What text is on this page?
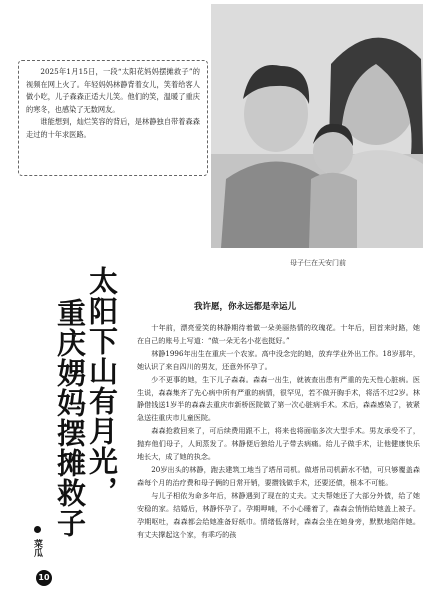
2025年1月15日，一段“太阳花妈妈摆摊救子”的视频在网上火了。年轻妈妈林静背着女儿，笑着给客人做小吃，儿子森森正适大儿笑。他们的笑，温暖了重庆的寒冬，也感染了无数网友。

谁能想到，灿烂笑容的背后，是林静独自带着森森走过的十年求医路。

母子仨在天安门前
太阳下山有月光，
重庆娚妈摆摊救子
菜瓜
我许愿，你永远都是幸运儿

十年前，漂亮爱笑的林静期待着做一朵美丽热情的玫瑰花。十年后，回首来时路，她在自己的账号上写道：“做一朵无名小花也挺好。”

林静1996年出生在重庆一个农家。高中没念完的她，放弃学业外出工作。18岁那年，她认识了来自四川的男友，还意外怀孕了。

少不更事的她，生下儿子森森。森森一出生，就被查出患有严重的先天性心脏病。医生说，森森集齐了先心病中所有严重的病情，很罕见，若不做开胸手术，将活不过2岁。林静借钱送1岁半的森森去重庆市新桥医院做了第一次心脏病手术。术后，森森感染了，被紧急送往重庆市儿童医院。

森森抢救回来了，可后续费用跟不上，将来也将面临多次大型手术。男友承受不了，抛弃他们母子，人间蒸发了。林静便后独给儿子带去病痛。给儿子做手术，让他健康快乐地长大，成了她的执念。

20岁出头的林静，跑去建筑工地当了塔吊司机。做塔吊司机薪水不错，可只够覆盖森森每个月的治疗费和母子俩的日常开销，要攒钱做手术，还要还债，根本不可能。

与儿子相依为命多年后，林静遇到了现在的丈夫。丈夫帮她还了大部分外债，给了她安稳的家。结婚后，林静怀孕了。孕期呷哺，不小心睡着了，森森会悄悄给她盖上被子。孕期呕吐，森森都会给她准备好纸巾。情绪低落时，森森会坐在她身旁，默默地陪伴她。有丈夫撑起这个家，有乖巧的孩

10
